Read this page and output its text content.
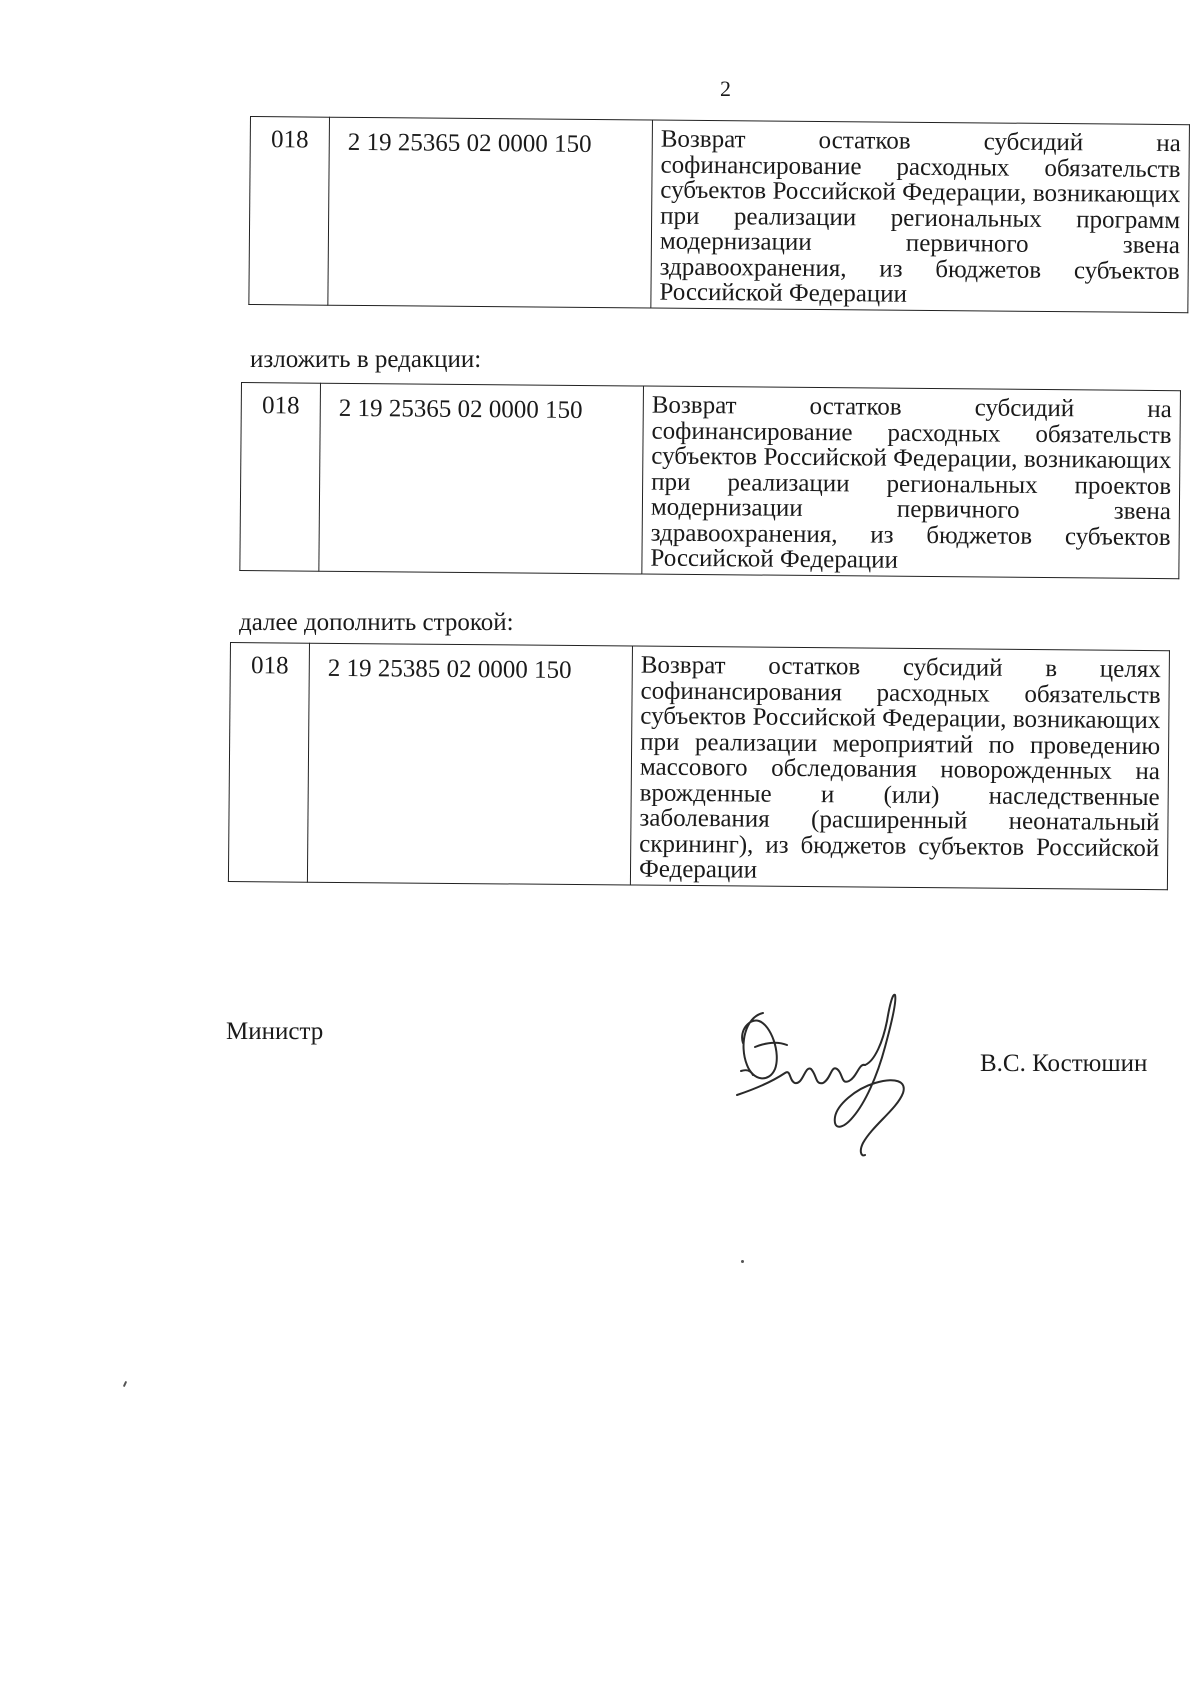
2
018	2 19 25365 02 0000 150	Возврат остатков субсидий на софинансирование расходных обязательств субъектов Российской Федерации, возникающих при реализации региональных программ модернизации первичного звена здравоохранения, из бюджетов субъектов Российской Федерации
изложить в редакции:
018	2 19 25365 02 0000 150	Возврат остатков субсидий на софинансирование расходных обязательств субъектов Российской Федерации, возникающих при реализации региональных проектов модернизации первичного звена здравоохранения, из бюджетов субъектов Российской Федерации
далее дополнить строкой:
018	2 19 25385 02 0000 150	Возврат остатков субсидий в целях софинансирования расходных обязательств субъектов Российской Федерации, возникающих при реализации мероприятий по проведению массового обследования новорожденных на врожденные и (или) наследственные заболевания (расширенный неонатальный скрининг), из бюджетов субъектов Российской Федерации
Министр
В.С. Костюшин
